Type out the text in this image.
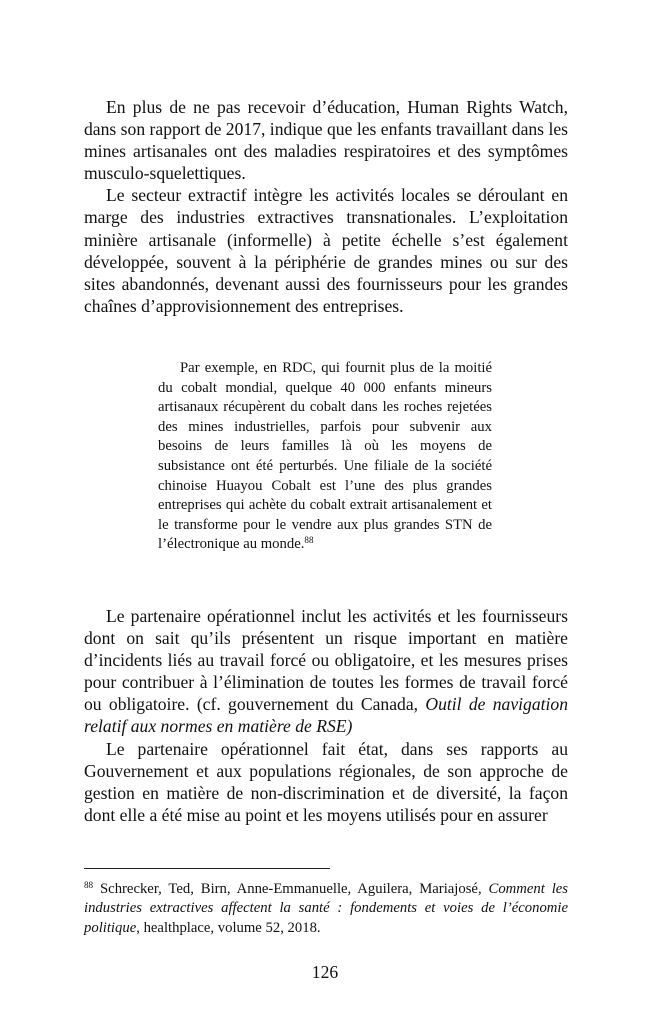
En plus de ne pas recevoir d’éducation, Human Rights Watch, dans son rapport de 2017, indique que les enfants travaillant dans les mines artisanales ont des maladies respiratoires et des symptômes musculo-squelettiques.

Le secteur extractif intègre les activités locales se déroulant en marge des industries extractives transnationales. L’exploitation minière artisanale (informelle) à petite échelle s’est également développée, souvent à la périphérie de grandes mines ou sur des sites abandonnés, devenant aussi des fournisseurs pour les grandes chaînes d’approvisionnement des entreprises.

Par exemple, en RDC, qui fournit plus de la moitié du cobalt mondial, quelque 40 000 enfants mineurs artisanaux récupèrent du cobalt dans les roches rejetées des mines industrielles, parfois pour subvenir aux besoins de leurs familles là où les moyens de subsistance ont été perturbés. Une filiale de la société chinoise Huayou Cobalt est l’une des plus grandes entreprises qui achète du cobalt extrait artisanalement et le transforme pour le vendre aux plus grandes STN de l’électronique au monde.$^{88}$

Le partenaire opérationnel inclut les activités et les fournisseurs dont on sait qu’ils présentent un risque important en matière d’incidents liés au travail forcé ou obligatoire, et les mesures prises pour contribuer à l’élimination de toutes les formes de travail forcé ou obligatoire. (cf. gouvernement du Canada, Outil de navigation relatif aux normes en matière de RSE)

Le partenaire opérationnel fait état, dans ses rapports au Gouvernement et aux populations régionales, de son approche de gestion en matière de non-discrimination et de diversité, la façon dont elle a été mise au point et les moyens utilisés pour en assurer

$^{88}$ Schrecker, Ted, Birn, Anne-Emmanuelle, Aguilera, Mariajosé, Comment les industries extractives affectent la santé : fondements et voies de l’économie politique, healthplace, volume 52, 2018.

126
